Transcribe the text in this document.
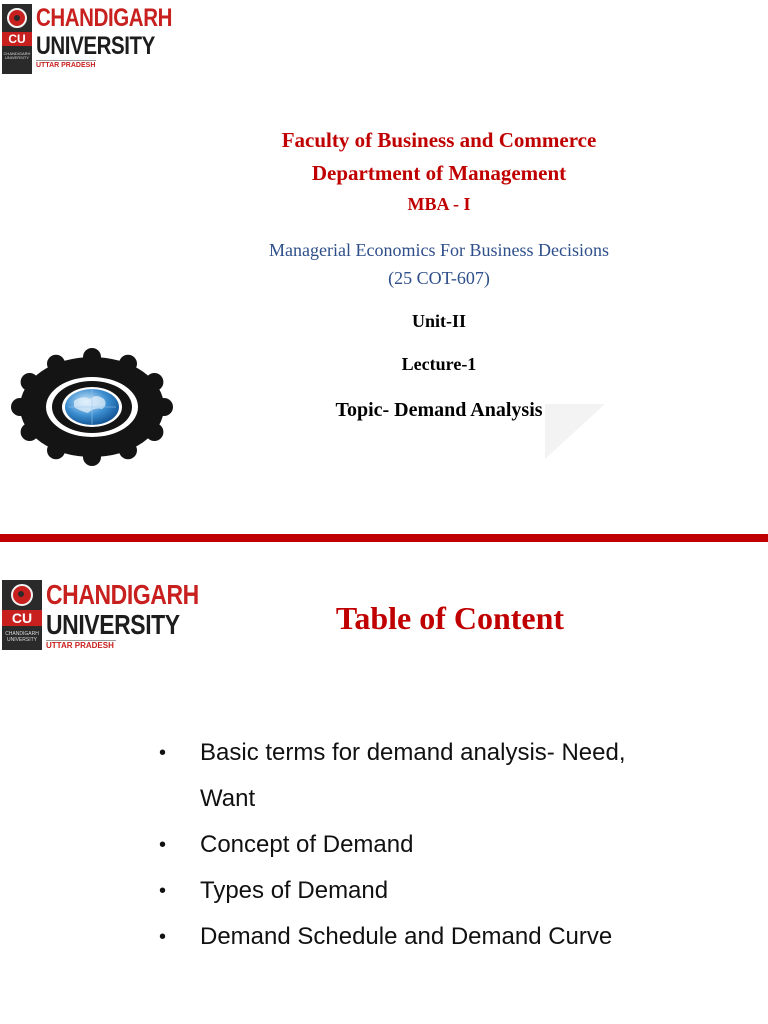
CU
CHANDIGARH UNIVERSITY
CHANDIGARH
UNIVERSITY
UTTAR PRADESH
Faculty of Business and Commerce
Department of Management
MBA - I
Managerial Economics For Business Decisions
(25 COT-607)
Unit-II
Lecture-1
Topic- Demand Analysis
CU
CHANDIGARH UNIVERSITY
CHANDIGARH
UNIVERSITY
UTTAR PRADESH
Table of Content
• Basic terms for demand analysis- Need, Want
• Concept of Demand
• Types of Demand
• Demand Schedule and Demand Curve
